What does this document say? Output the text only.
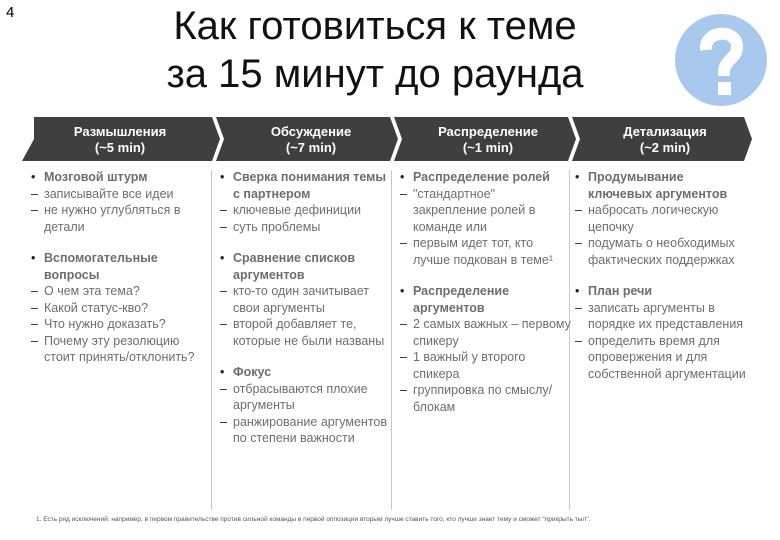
4	Как готовиться к теме
за 15 минут до раунда
Размышления
(~5 min)
Обсуждение
(~7 min)
Распределение
(~1 min)
Детализация
(~2 min)
• Мозговой штурм
– записывайте все идеи
– не нужно углубляться в детали
• Вспомогательные вопросы
– О чем эта тема?
– Какой статус-кво?
– Что нужно доказать?
– Почему эту резолюцию стоит принять/отклонить?
• Сверка понимания темы с партнером
– ключевые дефиниции
– суть проблемы
• Сравнение списков аргументов
– кто-то один зачитывает свои аргументы
– второй добавляет те, которые не были названы
• Фокус
– отбрасываются плохие аргументы
– ранжирование аргументов по степени важности
• Распределение ролей
– "стандартное" закрепление ролей в команде или
– первым идет тот, кто лучше подкован в теме¹
• Распределение аргументов
– 2 самых важных – первому спикеру
– 1 важный у второго спикера
– группировка по смыслу/ блокам
• Продумывание ключевых аргументов
– набросать логическую цепочку
– подумать о необходимых фактических поддержках
• План речи
– записать аргументы в порядке их представления
– определить время для опровержения и для собственной аргументации
1. Есть ряд исключений: например, в первом правительстве против сильной команды в первой оппозиции вторым лучше ставить того, кто лучше знает тему и сможет "прикрыть тыл".
